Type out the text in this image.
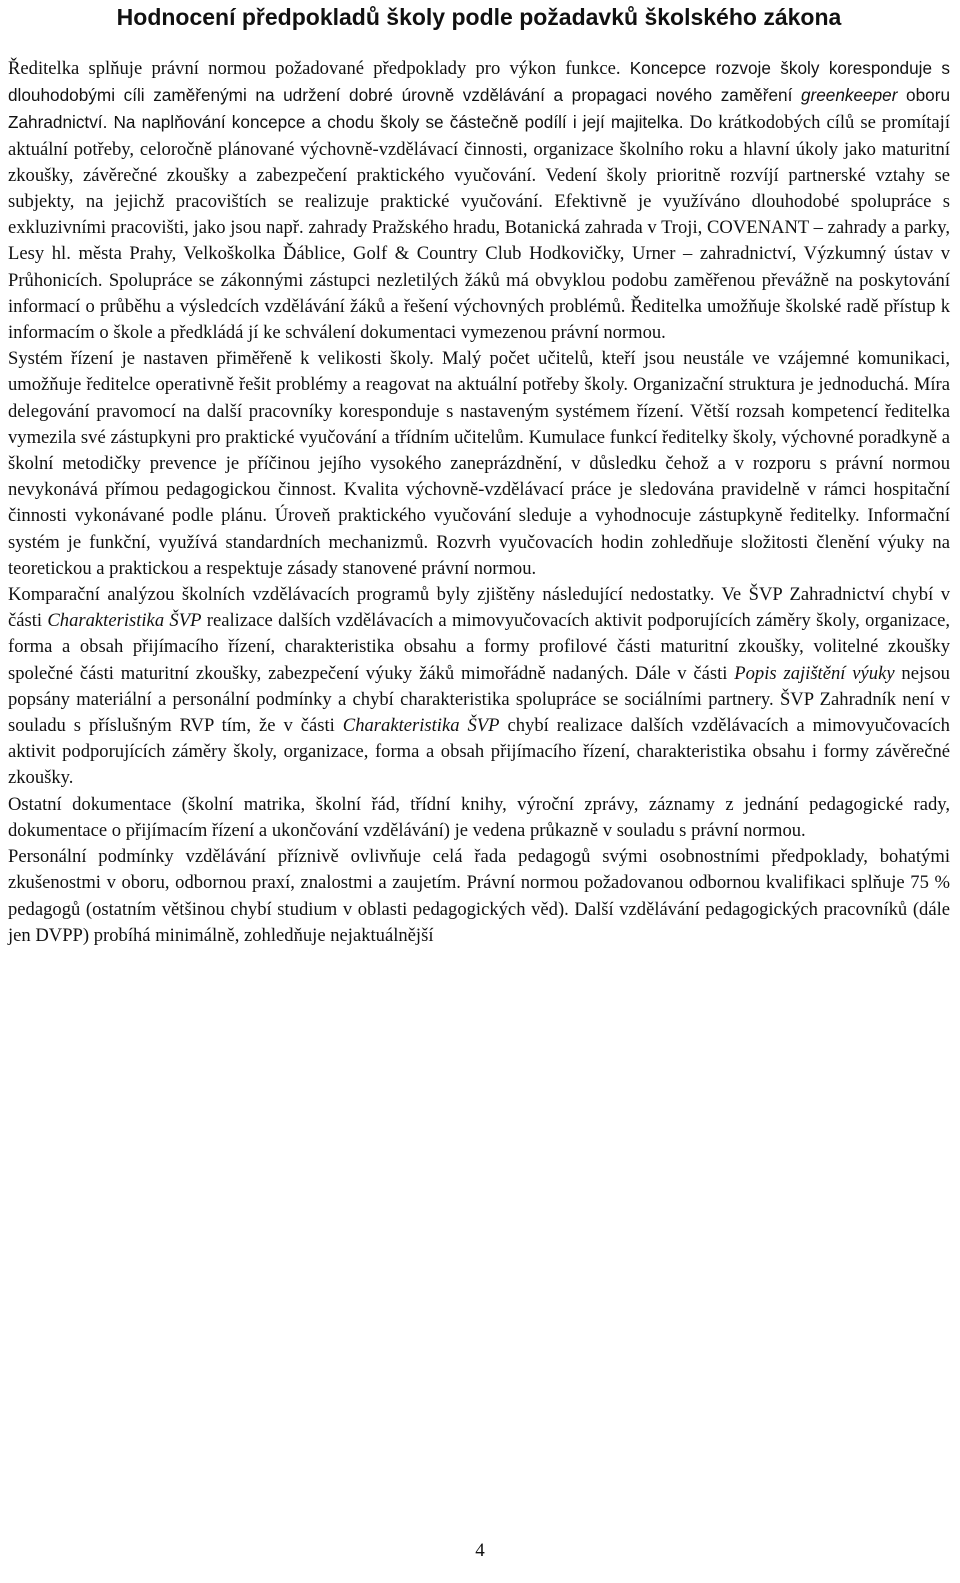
Hodnocení předpokladů školy podle požadavků školského zákona

Ředitelka splňuje právní normou požadované předpoklady pro výkon funkce. Koncepce rozvoje školy koresponduje s dlouhodobými cíli zaměřenými na udržení dobré úrovně vzdělávání a propagaci nového zaměření greenkeeper oboru Zahradnictví. Na naplňování koncepce a chodu školy se částečně podílí i její majitelka. Do krátkodobých cílů se promítají aktuální potřeby, celoročně plánované výchovně-vzdělávací činnosti, organizace školního roku a hlavní úkoly jako maturitní zkoušky, závěrečné zkoušky a zabezpečení praktického vyučování. Vedení školy prioritně rozvíjí partnerské vztahy se subjekty, na jejichž pracovištích se realizuje praktické vyučování. Efektivně je využíváno dlouhodobé spolupráce s exkluzivními pracovišti, jako jsou např. zahrady Pražského hradu, Botanická zahrada v Troji, COVENANT – zahrady a parky, Lesy hl. města Prahy, Velkoškolka Ďáblice, Golf & Country Club Hodkovičky, Urner – zahradnictví, Výzkumný ústav v Průhonicích. Spolupráce se zákonnými zástupci nezletilých žáků má obvyklou podobu zaměřenou převážně na poskytování informací o průběhu a výsledcích vzdělávání žáků a řešení výchovných problémů. Ředitelka umožňuje školské radě přístup k informacím o škole a předkládá jí ke schválení dokumentaci vymezenou právní normou.

Systém řízení je nastaven přiměřeně k velikosti školy. Malý počet učitelů, kteří jsou neustále ve vzájemné komunikaci, umožňuje ředitelce operativně řešit problémy a reagovat na aktuální potřeby školy. Organizační struktura je jednoduchá. Míra delegování pravomocí na další pracovníky koresponduje s nastaveným systémem řízení. Větší rozsah kompetencí ředitelka vymezila své zástupkyni pro praktické vyučování a třídním učitelům. Kumulace funkcí ředitelky školy, výchovné poradkyně a školní metodičky prevence je příčinou jejího vysokého zaneprázdnění, v důsledku čehož a v rozporu s právní normou nevykonává přímou pedagogickou činnost. Kvalita výchovně-vzdělávací práce je sledována pravidelně v rámci hospitační činnosti vykonávané podle plánu. Úroveň praktického vyučování sleduje a vyhodnocuje zástupkyně ředitelky. Informační systém je funkční, využívá standardních mechanizmů. Rozvrh vyučovacích hodin zohledňuje složitosti členění výuky na teoretickou a praktickou a respektuje zásady stanovené právní normou.

Komparační analýzou školních vzdělávacích programů byly zjištěny následující nedostatky. Ve ŠVP Zahradnictví chybí v části Charakteristika ŠVP realizace dalších vzdělávacích a mimovyučovacích aktivit podporujících záměry školy, organizace, forma a obsah přijímacího řízení, charakteristika obsahu a formy profilové části maturitní zkoušky, volitelné zkoušky společné části maturitní zkoušky, zabezpečení výuky žáků mimořádně nadaných. Dále v části Popis zajištění výuky nejsou popsány materiální a personální podmínky a chybí charakteristika spolupráce se sociálními partnery. ŠVP Zahradník není v souladu s příslušným RVP tím, že v části Charakteristika ŠVP chybí realizace dalších vzdělávacích a mimovyučovacích aktivit podporujících záměry školy, organizace, forma a obsah přijímacího řízení, charakteristika obsahu i formy závěrečné zkoušky.

Ostatní dokumentace (školní matrika, školní řád, třídní knihy, výroční zprávy, záznamy z jednání pedagogické rady, dokumentace o přijímacím řízení a ukončování vzdělávání) je vedena průkazně v souladu s právní normou.

Personální podmínky vzdělávání příznivě ovlivňuje celá řada pedagogů svými osobnostními předpoklady, bohatými zkušenostmi v oboru, odbornou praxí, znalostmi a zaujetím. Právní normou požadovanou odbornou kvalifikaci splňuje 75 % pedagogů (ostatním většinou chybí studium v oblasti pedagogických věd). Další vzdělávání pedagogických pracovníků (dále jen DVPP) probíhá minimálně, zohledňuje nejaktuálnější

4
